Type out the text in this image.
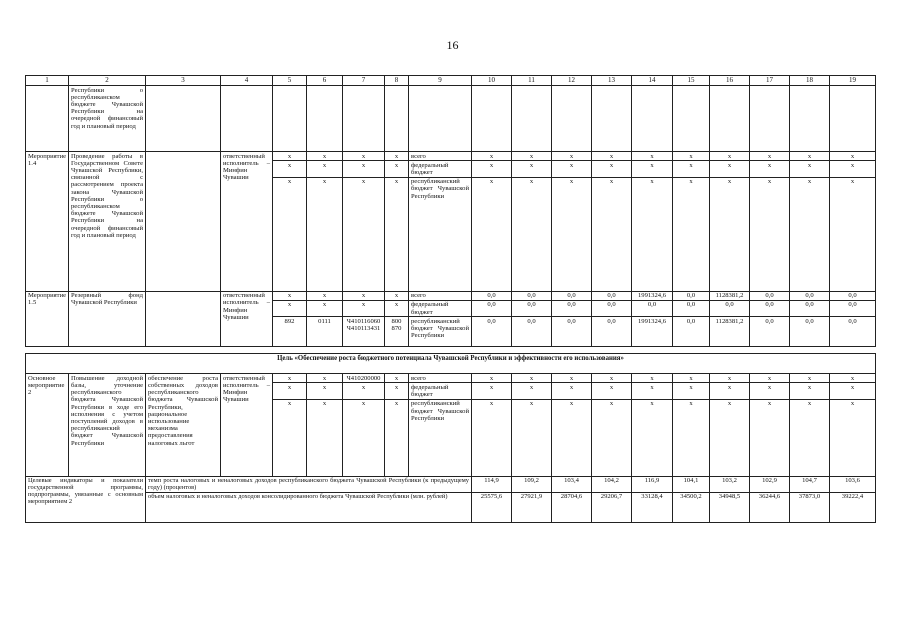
16
1	2	3	4	5	6	7	8	9	10	11	12	13	14	15	16	17	18	19
	Республики о республиканском бюджете Чувашской Республики на очередной финансовый год и плановый период																	
Мероприятие 1.4	Проведение работы в Государственном Совете Чувашской Республики, связанной с рассмотрением проекта закона Чувашской Республики о республиканском бюджете Чувашской Республики на очередной финансовый год и плановый период		ответственный исполнитель – Минфин Чувашии	x	x	x	x	всего	x	x	x	x	x	x	x	x	x	x
				x	x	x	x	федеральный бюджет	x	x	x	x	x	x	x	x	x	x
				x	x	x	x	республиканский бюджет Чувашской Республики	x	x	x	x	x	x	x	x	x	x
Мероприятие 1.5	Резервный фонд Чувашской Республики		ответственный исполнитель – Минфин Чувашии	x	x	x	x	всего	0,0	0,0	0,0	0,0	1991324,6	0,0	1128381,2	0,0	0,0	0,0
				x	x	x	x	федеральный бюджет	0,0	0,0	0,0	0,0	0,0	0,0	0,0	0,0	0,0	0,0
				892	0111	Ч410116060 Ч410113431	800 870	республиканский бюджет Чувашской Республики	0,0	0,0	0,0	0,0	1991324,6	0,0	1128381,2	0,0	0,0	0,0

Цель «Обеспечение роста бюджетного потенциала Чувашской Республики и эффективности его использования»																		
Основное мероприятие 2	Повышение доходной базы, уточнение республиканского бюджета Чувашской Республики в ходе его исполнения с учетом поступлений доходов в республиканский бюджет Чувашской Республики	обеспечение роста собственных доходов республиканского бюджета Чувашской Республики, рациональное использование механизма предоставления налоговых льгот	ответственный исполнитель – Минфин Чувашии	x	x	Ч410200000	x	всего	x	x	x	x	x	x	x	x	x	x
				x	x	x	x	федеральный бюджет	x	x	x	x	x	x	x	x	x	x
				x	x	x	x	республиканский бюджет Чувашской Республики	x	x	x	x	x	x	x	x	x	x
Целевые индикаторы и показатели государственной программы, подпрограммы, увязанные с основным мероприятием 2		темп роста налоговых и неналоговых доходов республиканского бюджета Чувашской Республики (к предыдущему году) (процентов)							114,9	109,2	103,4	104,2	116,9	104,1	103,2	102,9	104,7	103,6
		объем налоговых и неналоговых доходов консолидированного бюджета Чувашской Республики (млн. рублей)							25575,6	27921,9	28704,6	29206,7	33128,4	34500,2	34948,5	36244,6	37873,0	39222,4
